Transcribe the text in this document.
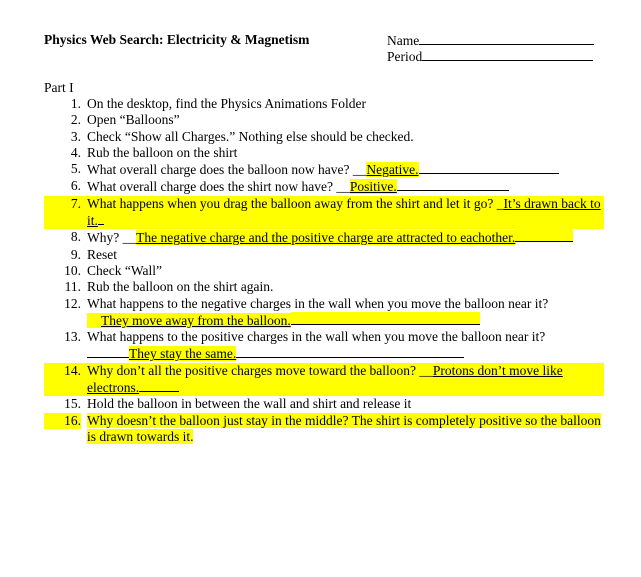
Physics Web Search: Electricity & Magnetism	Name
Period
Part I
1. On the desktop, find the Physics Animations Folder
2. Open “Balloons”
3. Check “Show all Charges.” Nothing else should be checked.
4. Rub the balloon on the shirt
5. What overall charge does the balloon now have? __Negative.
6. What overall charge does the shirt now have? __Positive.
7. What happens when you drag the balloon away from the shirt and let it go? _It’s drawn back to it.
8. Why? __The negative charge and the positive charge are attracted to eachother.
9. Reset
10. Check “Wall”
11. Rub the balloon on the shirt again.
12. What happens to the negative charges in the wall when you move the balloon near it?
They move away from the balloon.
13. What happens to the positive charges in the wall when you move the balloon near it?
They stay the same.
14. Why don’t all the positive charges move toward the balloon? __Protons don’t move like electrons.
15. Hold the balloon in between the wall and shirt and release it
16. Why doesn’t the balloon just stay in the middle? The shirt is completely positive so the balloon is drawn towards it.
